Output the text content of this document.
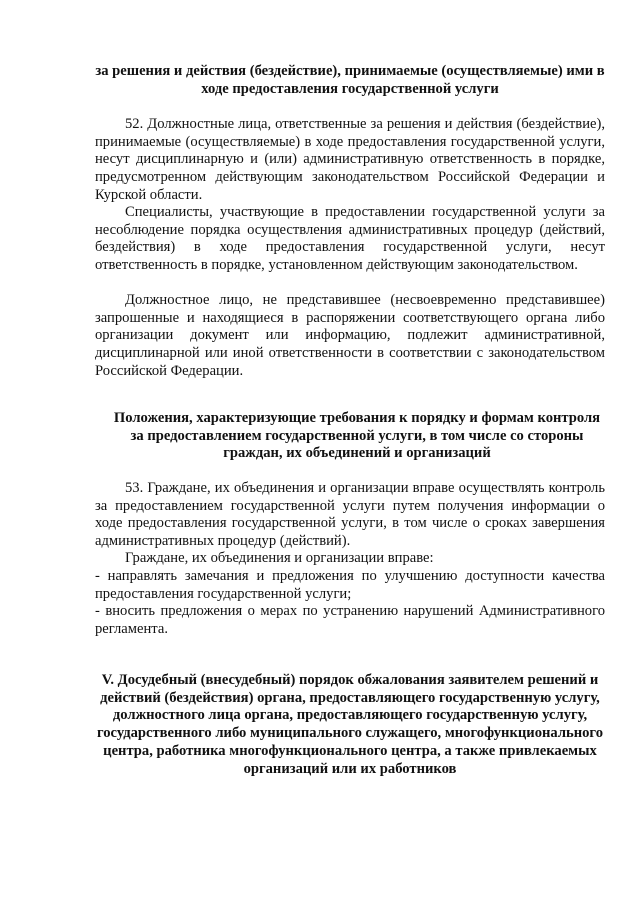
за решения и действия (бездействие), принимаемые (осуществляемые) ими в ходе предоставления государственной услуги
52. Должностные лица, ответственные за решения и действия (бездействие), принимаемые (осуществляемые) в ходе предоставления государственной услуги, несут дисциплинарную и (или) административную ответственность в порядке, предусмотренном действующим законодательством Российской Федерации и Курской области.
Специалисты, участвующие в предоставлении государственной услуги за несоблюдение порядка осуществления административных процедур (действий, бездействия) в ходе предоставления государственной услуги, несут ответственность в порядке, установленном действующим законодательством.
Должностное лицо, не представившее (несвоевременно представившее) запрошенные и находящиеся в распоряжении соответствующего органа либо организации документ или информацию, подлежит административной, дисциплинарной или иной ответственности в соответствии с законодательством Российской Федерации.
Положения, характеризующие требования к порядку и формам контроля за предоставлением государственной услуги, в том числе со стороны граждан, их объединений и организаций
53. Граждане, их объединения и организации вправе осуществлять контроль за предоставлением государственной услуги путем получения информации о ходе предоставления государственной услуги, в том числе о сроках завершения административных процедур (действий).
Граждане, их объединения и организации вправе:
- направлять замечания и предложения по улучшению доступности качества предоставления государственной услуги;
- вносить предложения о мерах по устранению нарушений Административного регламента.
V. Досудебный (внесудебный) порядок обжалования заявителем решений и действий (бездействия) органа, предоставляющего государственную услугу, должностного лица органа, предоставляющего государственную услугу, государственного либо муниципального служащего, многофункционального центра, работника многофункционального центра, а также привлекаемых организаций или их работников
